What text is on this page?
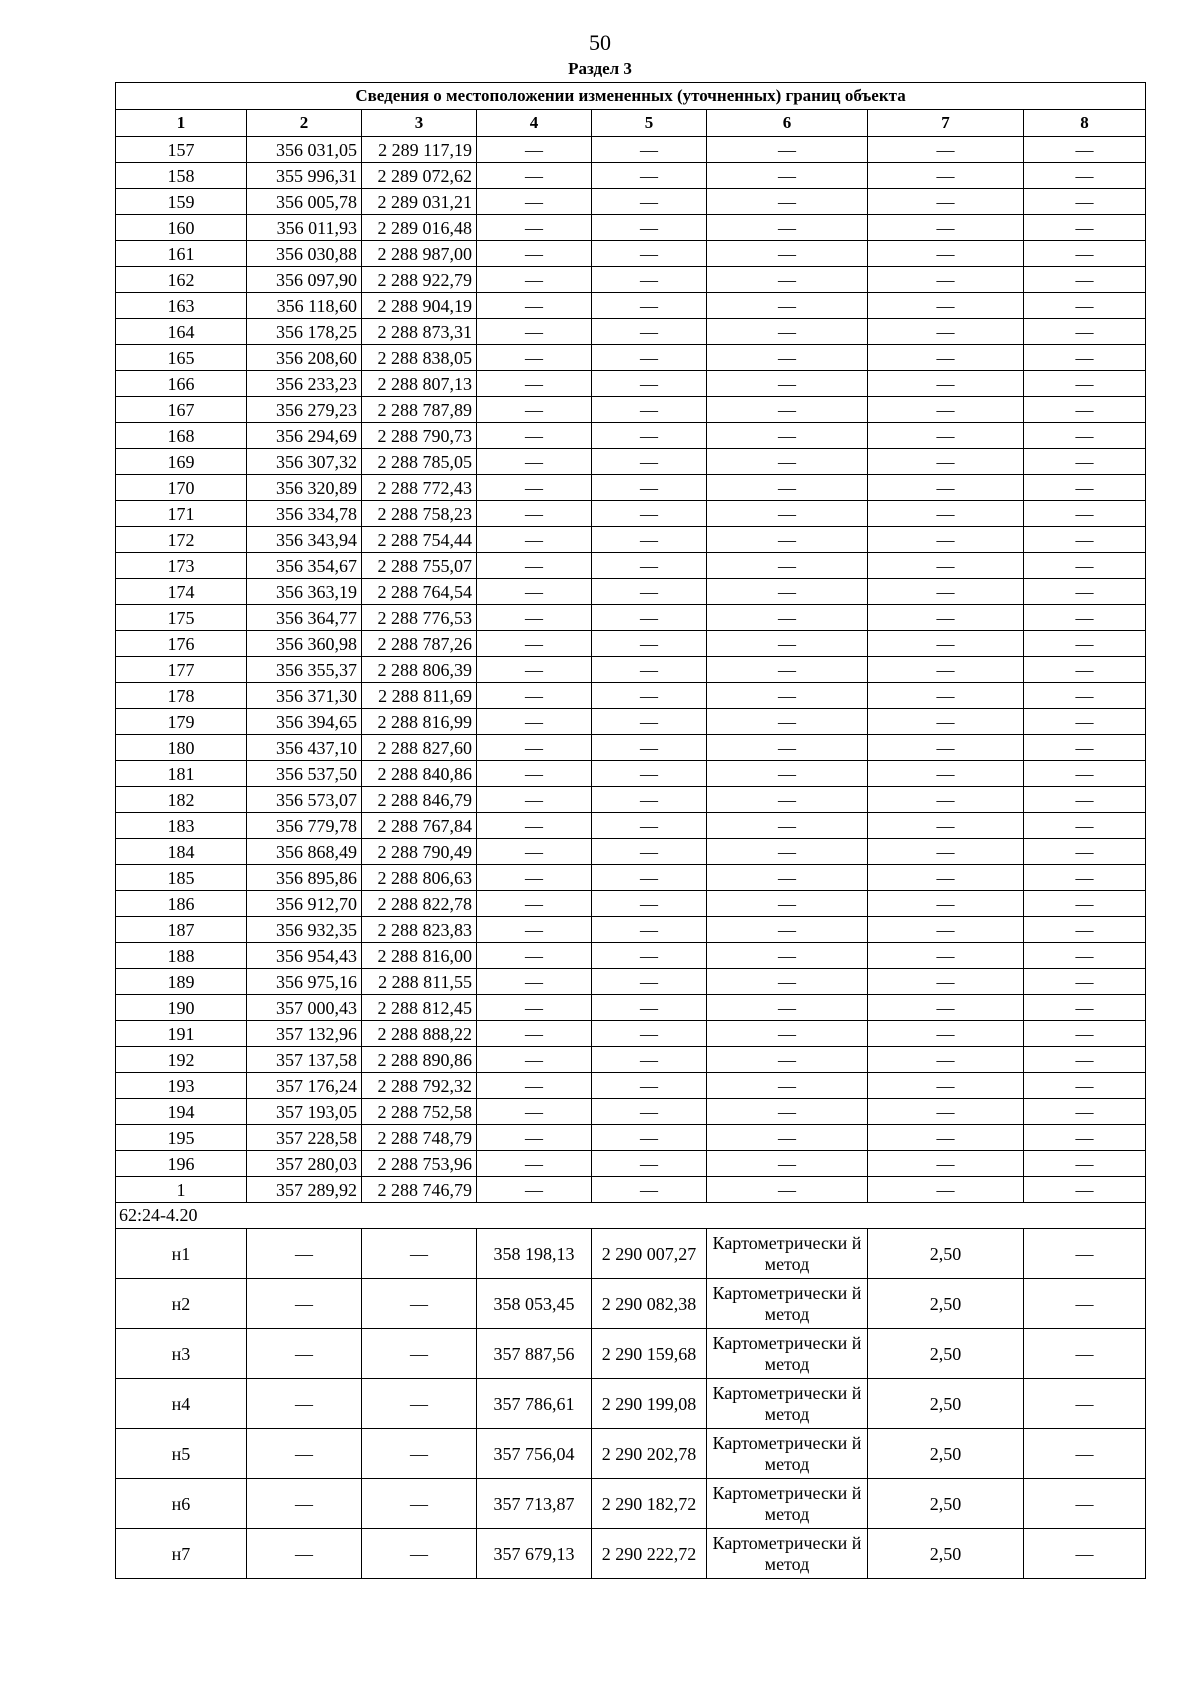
50
Раздел 3
Сведения о местоположении измененных (уточненных) границ объекта							
1	2	3	4	5	6	7	8
157	356 031,05	2 289 117,19	—	—	—	—	—
158	355 996,31	2 289 072,62	—	—	—	—	—
159	356 005,78	2 289 031,21	—	—	—	—	—
160	356 011,93	2 289 016,48	—	—	—	—	—
161	356 030,88	2 288 987,00	—	—	—	—	—
162	356 097,90	2 288 922,79	—	—	—	—	—
163	356 118,60	2 288 904,19	—	—	—	—	—
164	356 178,25	2 288 873,31	—	—	—	—	—
165	356 208,60	2 288 838,05	—	—	—	—	—
166	356 233,23	2 288 807,13	—	—	—	—	—
167	356 279,23	2 288 787,89	—	—	—	—	—
168	356 294,69	2 288 790,73	—	—	—	—	—
169	356 307,32	2 288 785,05	—	—	—	—	—
170	356 320,89	2 288 772,43	—	—	—	—	—
171	356 334,78	2 288 758,23	—	—	—	—	—
172	356 343,94	2 288 754,44	—	—	—	—	—
173	356 354,67	2 288 755,07	—	—	—	—	—
174	356 363,19	2 288 764,54	—	—	—	—	—
175	356 364,77	2 288 776,53	—	—	—	—	—
176	356 360,98	2 288 787,26	—	—	—	—	—
177	356 355,37	2 288 806,39	—	—	—	—	—
178	356 371,30	2 288 811,69	—	—	—	—	—
179	356 394,65	2 288 816,99	—	—	—	—	—
180	356 437,10	2 288 827,60	—	—	—	—	—
181	356 537,50	2 288 840,86	—	—	—	—	—
182	356 573,07	2 288 846,79	—	—	—	—	—
183	356 779,78	2 288 767,84	—	—	—	—	—
184	356 868,49	2 288 790,49	—	—	—	—	—
185	356 895,86	2 288 806,63	—	—	—	—	—
186	356 912,70	2 288 822,78	—	—	—	—	—
187	356 932,35	2 288 823,83	—	—	—	—	—
188	356 954,43	2 288 816,00	—	—	—	—	—
189	356 975,16	2 288 811,55	—	—	—	—	—
190	357 000,43	2 288 812,45	—	—	—	—	—
191	357 132,96	2 288 888,22	—	—	—	—	—
192	357 137,58	2 288 890,86	—	—	—	—	—
193	357 176,24	2 288 792,32	—	—	—	—	—
194	357 193,05	2 288 752,58	—	—	—	—	—
195	357 228,58	2 288 748,79	—	—	—	—	—
196	357 280,03	2 288 753,96	—	—	—	—	—
1	357 289,92	2 288 746,79	—	—	—	—	—
62:24-4.20							
н1	—	—	358 198,13	2 290 007,27	Картометрически й метод	2,50	—
н2	—	—	358 053,45	2 290 082,38	Картометрически й метод	2,50	—
н3	—	—	357 887,56	2 290 159,68	Картометрически й метод	2,50	—
н4	—	—	357 786,61	2 290 199,08	Картометрически й метод	2,50	—
н5	—	—	357 756,04	2 290 202,78	Картометрически й метод	2,50	—
н6	—	—	357 713,87	2 290 182,72	Картометрически й метод	2,50	—
н7	—	—	357 679,13	2 290 222,72	Картометрически й метод	2,50	—
